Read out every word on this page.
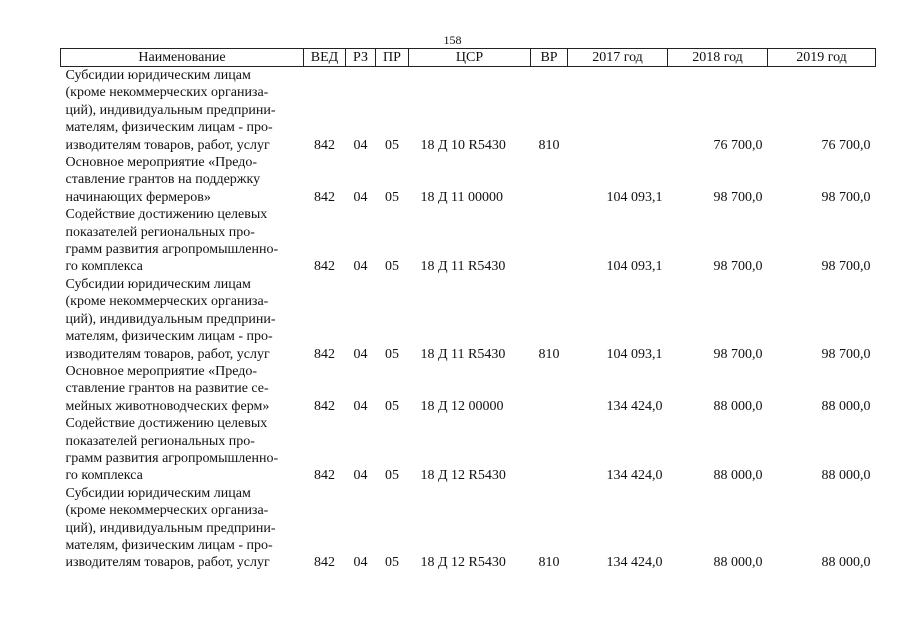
158
Наименование	ВЕД	РЗ	ПР	ЦСР	ВР	2017 год	2018 год	2019 год

Субсидии юридическим лицам
(кроме некоммерческих организа-
ций), индивидуальным предприни-
мателям, физическим лицам - про-
изводителям товаров, работ, услуг	842	04	05	18 Д 10 R5430	810		76 700,0	76 700,0

Основное мероприятие «Предо-
ставление грантов на поддержку
начинающих фермеров»	842	04	05	18 Д 11 00000		104 093,1	98 700,0	98 700,0

Содействие достижению целевых
показателей региональных про-
грамм развития агропромышленно-
го комплекса	842	04	05	18 Д 11 R5430		104 093,1	98 700,0	98 700,0

Субсидии юридическим лицам
(кроме некоммерческих организа-
ций), индивидуальным предприни-
мателям, физическим лицам - про-
изводителям товаров, работ, услуг	842	04	05	18 Д 11 R5430	810	104 093,1	98 700,0	98 700,0

Основное мероприятие «Предо-
ставление грантов на развитие се-
мейных животноводческих ферм»	842	04	05	18 Д 12 00000		134 424,0	88 000,0	88 000,0

Содействие достижению целевых
показателей региональных про-
грамм развития агропромышленно-
го комплекса	842	04	05	18 Д 12 R5430		134 424,0	88 000,0	88 000,0

Субсидии юридическим лицам
(кроме некоммерческих организа-
ций), индивидуальным предприни-
мателям, физическим лицам - про-
изводителям товаров, работ, услуг	842	04	05	18 Д 12 R5430	810	134 424,0	88 000,0	88 000,0
